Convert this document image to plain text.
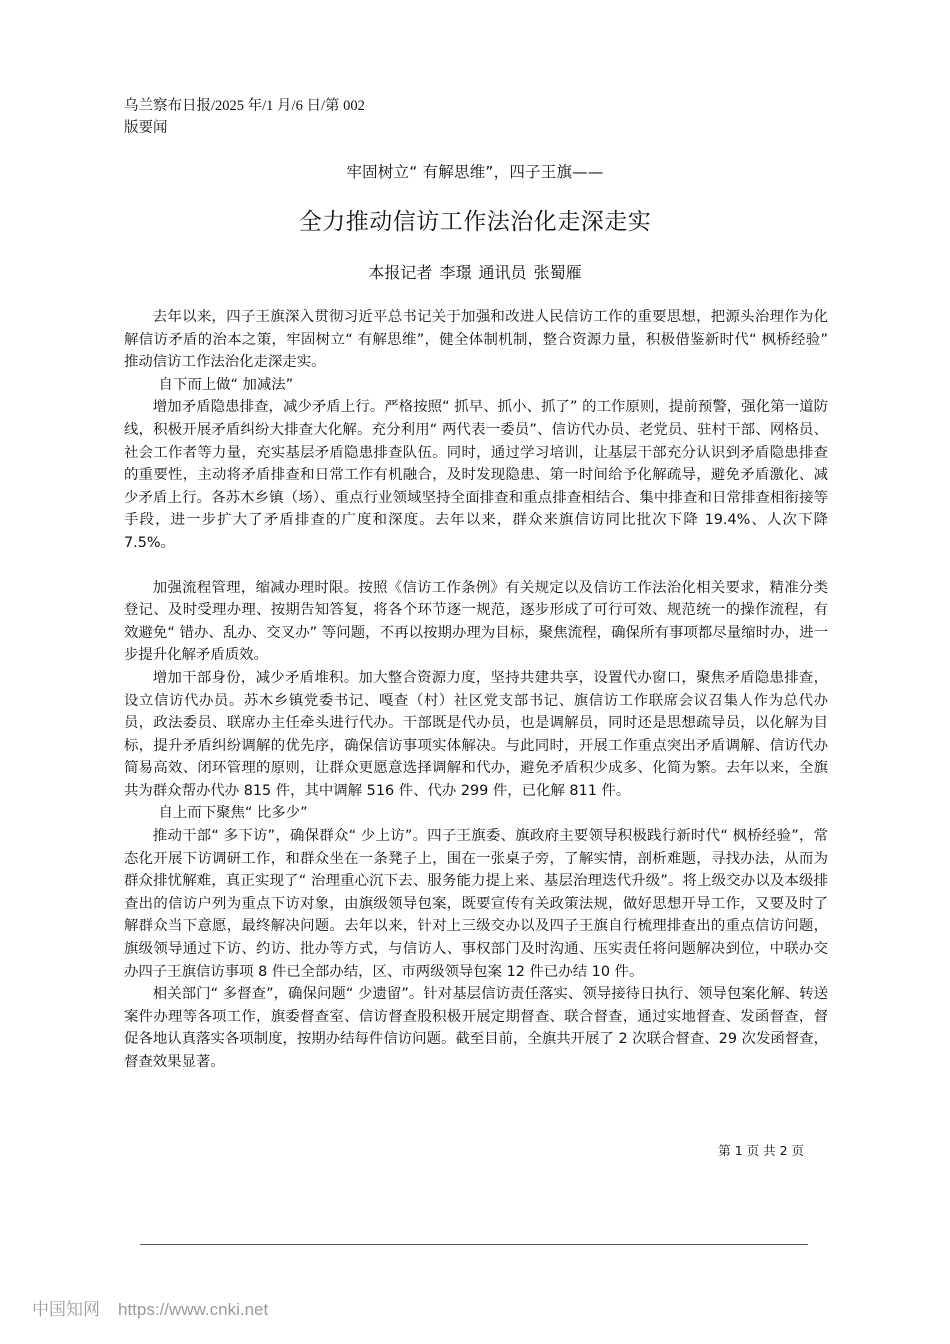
乌兰察布日报/2025 年/1 月/6 日/第 002
版要闻
牢固树立“ 有解思维”，四子王旗——
全力推动信访工作法治化走深走实
本报记者 李璟 通讯员 张蜀雁

去年以来，四子王旗深入贯彻习近平总书记关于加强和改进人民信访工作的重要思想，把源头治理作为化解信访矛盾的治本之策，牢固树立“ 有解思维”，健全体制机制，整合资源力量，积极借鉴新时代“ 枫桥经验” 推动信访工作法治化走深走实。

自下而上做“ 加减法”

增加矛盾隐患排查，减少矛盾上行。严格按照“ 抓早、抓小、抓了” 的工作原则，提前预警，强化第一道防线，积极开展矛盾纠纷大排查大化解。充分利用“ 两代表一委员”、信访代办员、老党员、驻村干部、网格员、社会工作者等力量，充实基层矛盾隐患排查队伍。同时，通过学习培训，让基层干部充分认识到矛盾隐患排查的重要性，主动将矛盾排查和日常工作有机融合，及时发现隐患、第一时间给予化解疏导，避免矛盾激化、减少矛盾上行。各苏木乡镇（场）、重点行业领域坚持全面排查和重点排查相结合、集中排查和日常排查相衔接等手段，进一步扩大了矛盾排查的广度和深度。去年以来，群众来旗信访同比批次下降 19.4%、人次下降 7.5%。

加强流程管理，缩减办理时限。按照《信访工作条例》有关规定以及信访工作法治化相关要求，精准分类登记、及时受理办理、按期告知答复，将各个环节逐一规范，逐步形成了可行可效、规范统一的操作流程，有效避免“ 错办、乱办、交叉办” 等问题，不再以按期办理为目标，聚焦流程，确保所有事项都尽量缩时办，进一步提升化解矛盾质效。

增加干部身份，减少矛盾堆积。加大整合资源力度，坚持共建共享，设置代办窗口，聚焦矛盾隐患排查，设立信访代办员。苏木乡镇党委书记、嘎查（村）社区党支部书记、旗信访工作联席会议召集人作为总代办员，政法委员、联席办主任牵头进行代办。干部既是代办员，也是调解员，同时还是思想疏导员，以化解为目标，提升矛盾纠纷调解的优先序，确保信访事项实体解决。与此同时，开展工作重点突出矛盾调解、信访代办简易高效、闭环管理的原则，让群众更愿意选择调解和代办，避免矛盾积少成多、化简为繁。去年以来，全旗共为群众帮办代办 815 件，其中调解 516 件、代办 299 件，已化解 811 件。

自上而下聚焦“ 比多少”

推动干部“ 多下访”，确保群众“ 少上访”。四子王旗委、旗政府主要领导积极践行新时代“ 枫桥经验”，常态化开展下访调研工作，和群众坐在一条凳子上，围在一张桌子旁，了解实情，剖析难题，寻找办法，从而为群众排忧解难，真正实现了“ 治理重心沉下去、服务能力提上来、基层治理迭代升级”。将上级交办以及本级排查出的信访户列为重点下访对象，由旗级领导包案，既要宣传有关政策法规，做好思想开导工作，又要及时了解群众当下意愿，最终解决问题。去年以来，针对上三级交办以及四子王旗自行梳理排查出的重点信访问题，旗级领导通过下访、约访、批办等方式，与信访人、事权部门及时沟通、压实责任将问题解决到位，中联办交办四子王旗信访事项 8 件已全部办结，区、市两级领导包案 12 件已办结 10 件。

相关部门“ 多督查”，确保问题“ 少遗留”。针对基层信访责任落实、领导接待日执行、领导包案化解、转送案件办理等各项工作，旗委督查室、信访督查股积极开展定期督查、联合督查，通过实地督查、发函督查，督促各地认真落实各项制度，按期办结每件信访问题。截至目前，全旗共开展了 2 次联合督查、29 次发函督查，督查效果显著。

第 1 页 共 2 页
中国知网 https://www.cnki.net
